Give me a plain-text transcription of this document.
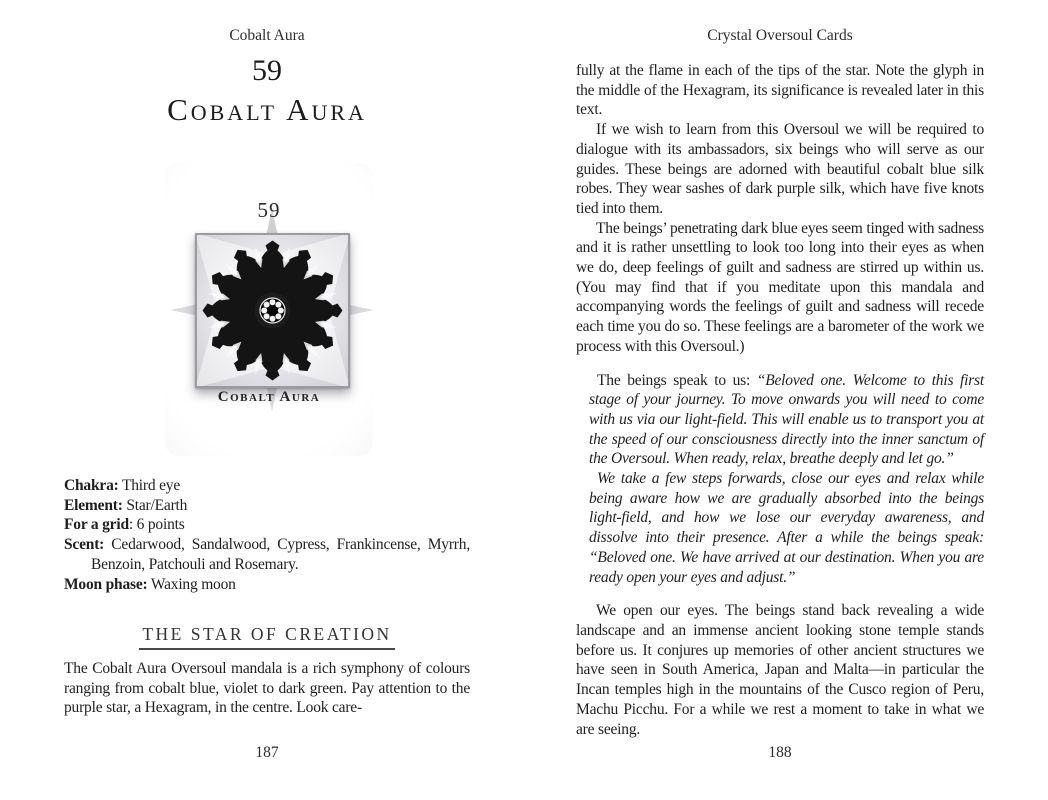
Cobalt Aura
59
Cobalt Aura
59
Cobalt Aura
Chakra: Third eye
Element: Star/Earth
For a grid: 6 points
Scent: Cedarwood, Sandalwood, Cypress, Frankincense, Myrrh, Benzoin, Patchouli and Rosemary.
Moon phase: Waxing moon
THE STAR OF CREATION
The Cobalt Aura Oversoul mandala is a rich symphony of colours ranging from cobalt blue, violet to dark green. Pay attention to the purple star, a Hexagram, in the centre. Look care-
187
Crystal Oversoul Cards

fully at the flame in each of the tips of the star. Note the glyph in the middle of the Hexagram, its significance is revealed later in this text.

If we wish to learn from this Oversoul we will be required to dialogue with its ambassadors, six beings who will serve as our guides. These beings are adorned with beautiful cobalt blue silk robes. They wear sashes of dark purple silk, which have five knots tied into them.

The beings’ penetrating dark blue eyes seem tinged with sadness and it is rather unsettling to look too long into their eyes as when we do, deep feelings of guilt and sadness are stirred up within us. (You may find that if you meditate upon this mandala and accompanying words the feelings of guilt and sadness will recede each time you do so. These feelings are a barometer of the work we process with this Oversoul.)

The beings speak to us: “Beloved one. Welcome to this first stage of your journey. To move onwards you will need to come with us via our light-field. This will enable us to transport you at the speed of our consciousness directly into the inner sanctum of the Oversoul. When ready, relax, breathe deeply and let go.”

We take a few steps forwards, close our eyes and relax while being aware how we are gradually absorbed into the beings light-field, and how we lose our everyday awareness, and dissolve into their presence. After a while the beings speak: “Beloved one. We have arrived at our destination. When you are ready open your eyes and adjust.”

We open our eyes. The beings stand back revealing a wide landscape and an immense ancient looking stone temple stands before us. It conjures up memories of other ancient structures we have seen in South America, Japan and Malta—in particular the Incan temples high in the mountains of the Cusco region of Peru, Machu Picchu. For a while we rest a moment to take in what we are seeing.

188
